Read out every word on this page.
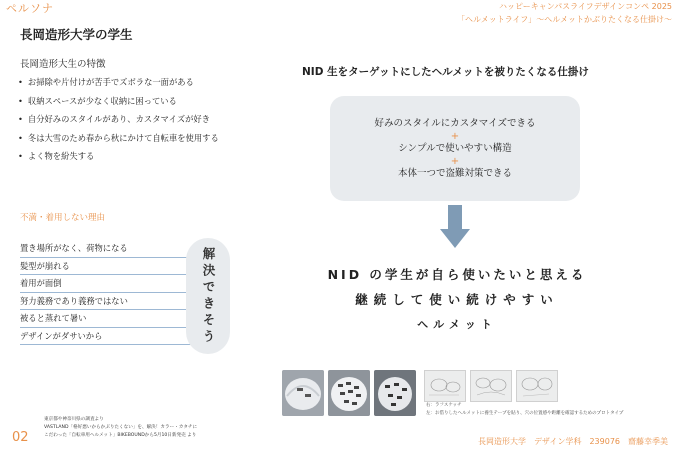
ペルソナ	ハッピーキャンパスライフデザインコンペ 2025
「ヘルメットライフ」～ヘルメットかぶりたくなる仕掛け～
長岡造形大学の学生
長岡造形大生の特徴
• お掃除や片付けが苦手でズボラな一面がある
• 収納スペースが少なく収納に困っている
• 自分好みのスタイルがあり、カスタマイズが好き
• 冬は大雪のため春から秋にかけて自転車を使用する
• よく物を紛失する
不満・着用しない理由
置き場所がなく、荷物になる
髪型が崩れる
着用が面倒
努力義務であり義務ではない
被ると蒸れて暑い
デザインがダサいから	解決できそう
NID 生をターゲットにしたヘルメットを被りたくなる仕掛け
好みのスタイルにカスタマイズできる
+
シンプルで使いやすい構造
+
本体一つで盗難対策できる
NID の学生が自ら使いたいと思える
継続して使い続けやすい
ヘルメット
右：ラフスケッチ
左：お借りしたヘルメットに養生テープを貼り、穴の位置感や距離を確認するためのプロトタイプ
02
東京都や神奈川県の調査より
VASTLAND「格好悪いからかぶりたくない」を、解決！カラー・カタチに
こだわった「自転車用ヘルメット」BIKEBOUNDから5月10日新発売 より
長岡造形大学　デザイン学科　239076　齋藤幸季美
